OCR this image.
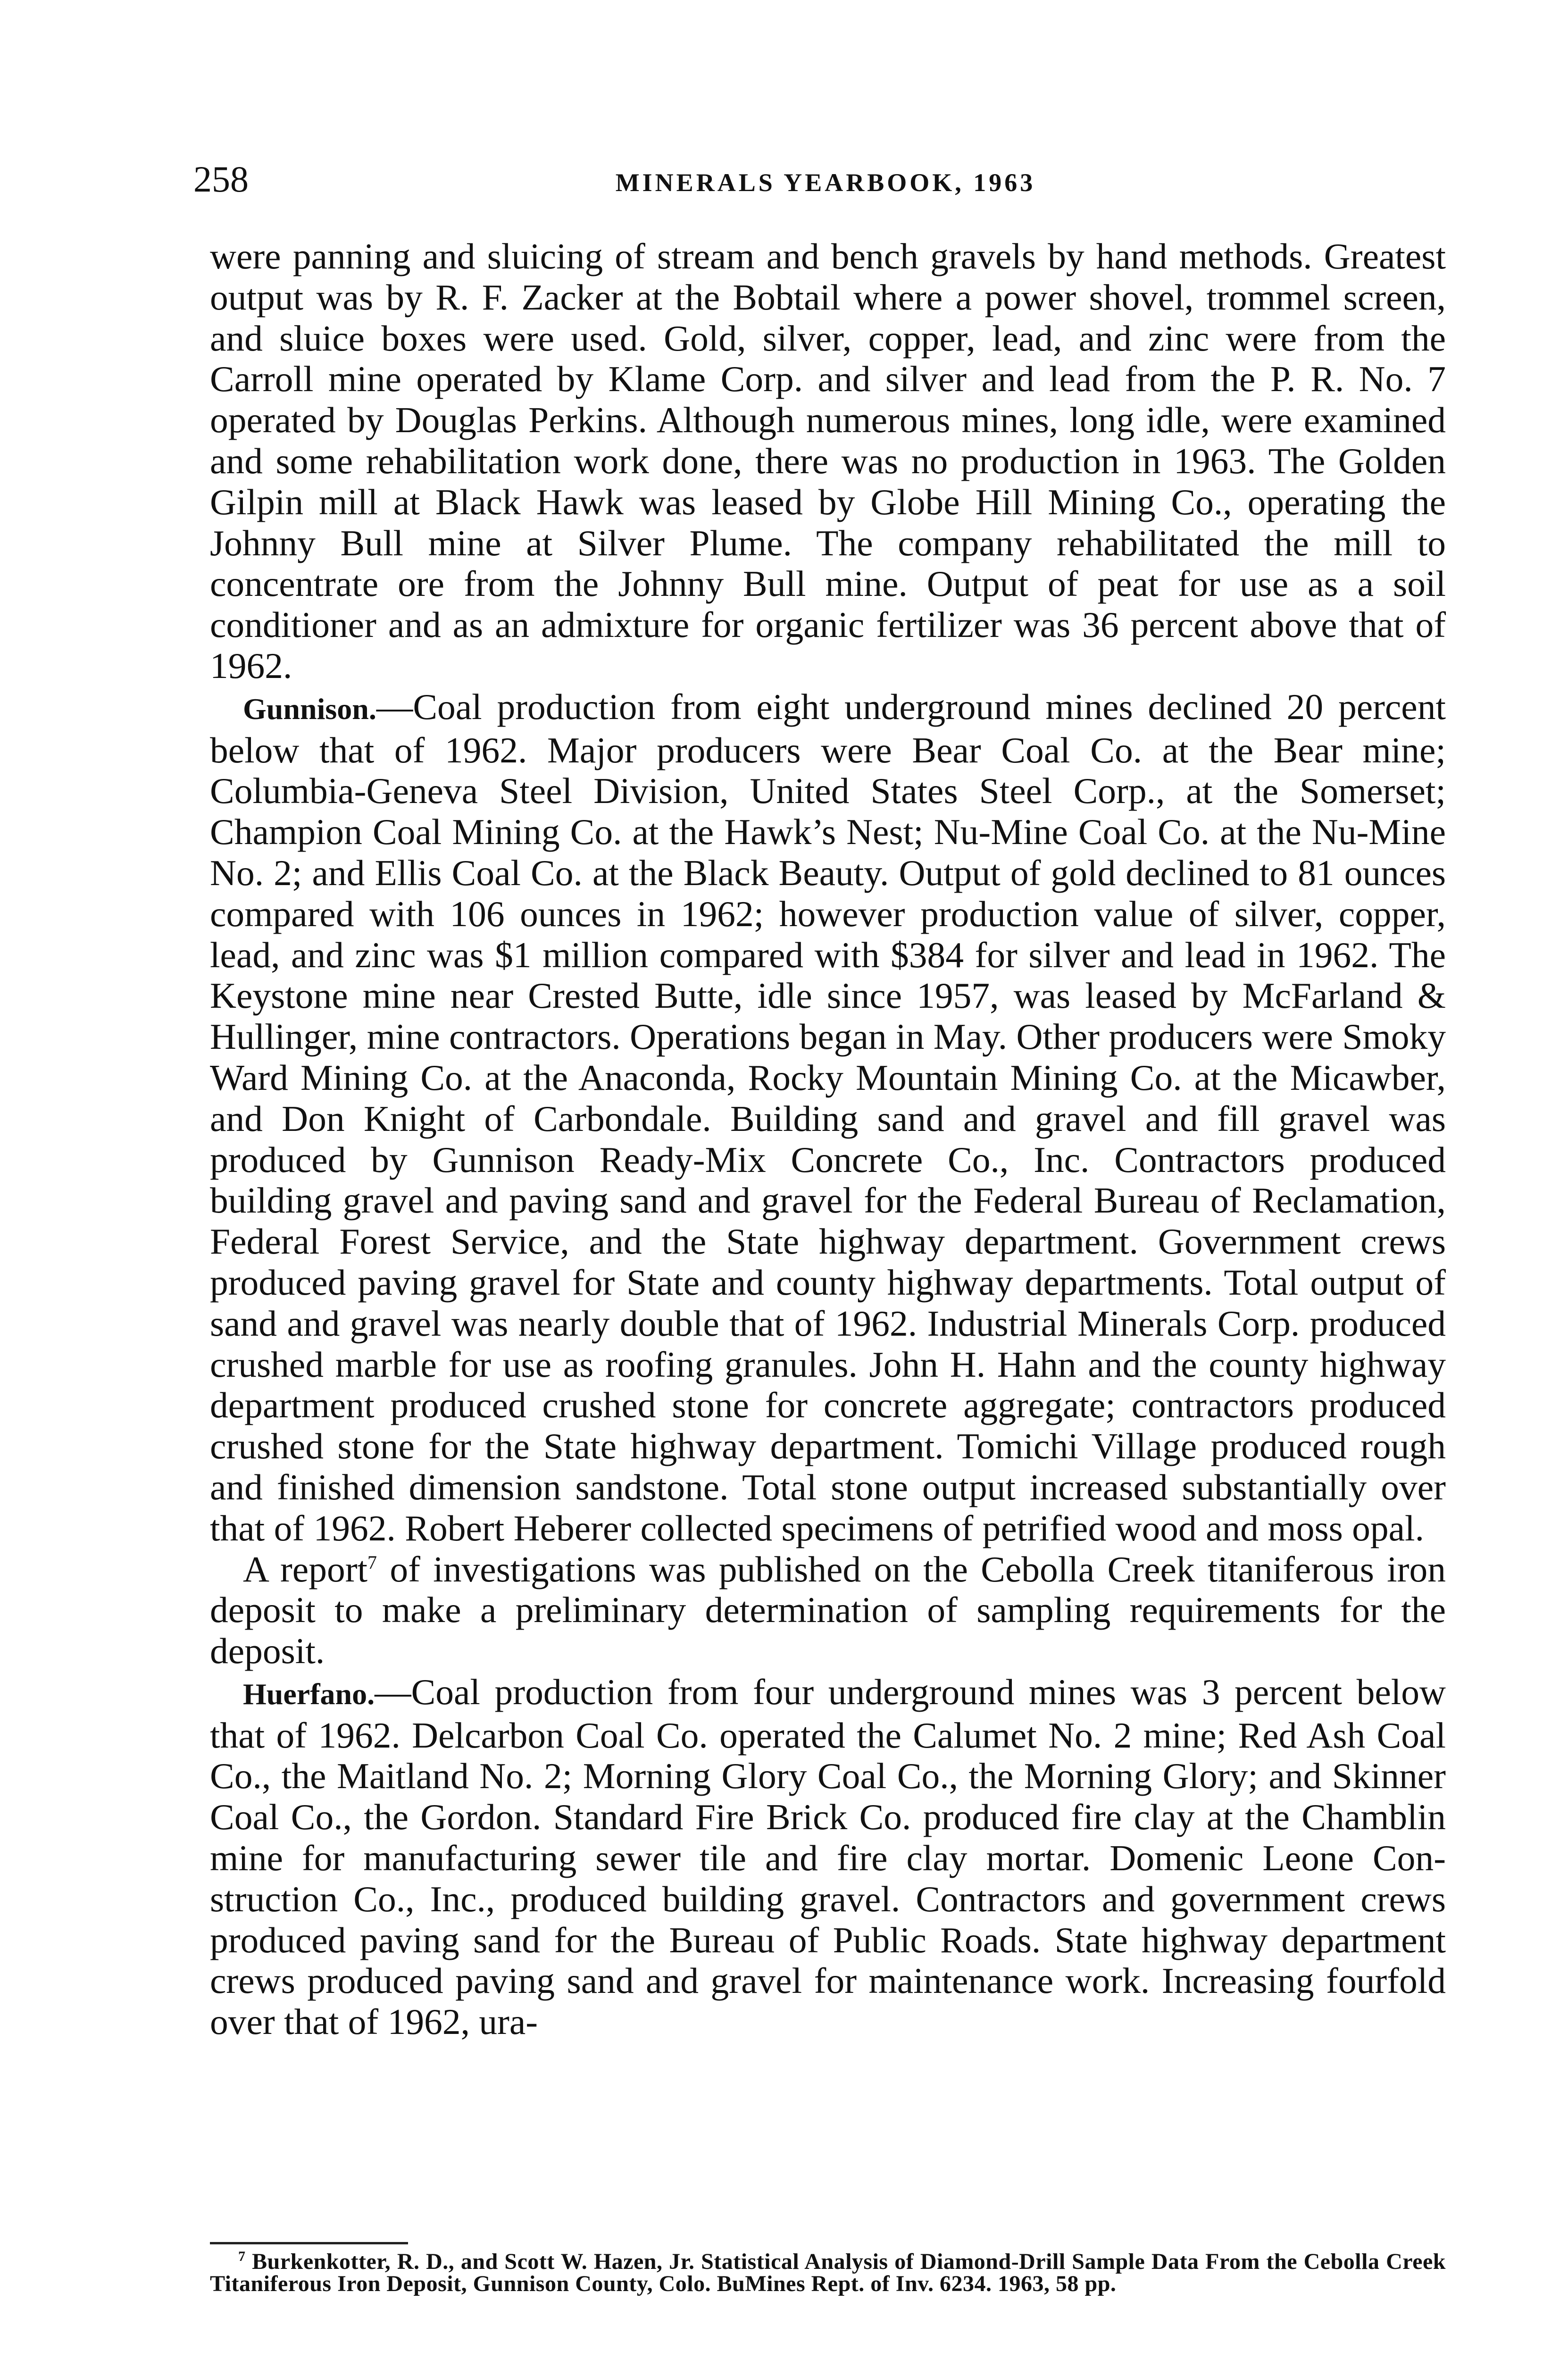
258	MINERALS YEARBOOK, 1963

were panning and sluicing of stream and bench gravels by hand methods. Greatest output was by R. F. Zacker at the Bobtail where a power shovel, trommel screen, and sluice boxes were used. Gold, silver, copper, lead, and zinc were from the Carroll mine operated by Klame Corp. and silver and lead from the P. R. No. 7 operated by Douglas Perkins. Although numerous mines, long idle, were examined and some rehabilitation work done, there was no production in 1963. The Golden Gilpin mill at Black Hawk was leased by Globe Hill Mining Co., operating the Johnny Bull mine at Silver Plume. The company rehabilitated the mill to concentrate ore from the Johnny Bull mine. Output of peat for use as a soil conditioner and as an admixture for organic fertilizer was 36 percent above that of 1962.

Gunnison.—Coal production from eight underground mines declined 20 percent below that of 1962. Major producers were Bear Coal Co. at the Bear mine; Columbia-Geneva Steel Division, United States Steel Corp., at the Somerset; Champion Coal Mining Co. at the Hawk’s Nest; Nu-Mine Coal Co. at the Nu-Mine No. 2; and Ellis Coal Co. at the Black Beauty. Output of gold declined to 81 ounces compared with 106 ounces in 1962; however production value of silver, copper, lead, and zinc was $1 million compared with $384 for silver and lead in 1962. The Keystone mine near Crested Butte, idle since 1957, was leased by McFarland & Hullinger, mine contractors. Operations began in May. Other producers were Smoky Ward Mining Co. at the Anaconda, Rocky Mountain Mining Co. at the Micawber, and Don Knight of Carbondale. Building sand and gravel and fill gravel was produced by Gunnison Ready-Mix Concrete Co., Inc. Contractors produced building gravel and paving sand and gravel for the Federal Bureau of Reclamation, Federal Forest Service, and the State highway department. Government crews produced paving gravel for State and county highway departments. Total output of sand and gravel was nearly double that of 1962. Industrial Minerals Corp. produced crushed marble for use as roofing granules. John H. Hahn and the county highway department produced crushed stone for concrete aggregate; contractors produced crushed stone for the State highway department. Tomichi Village produced rough and finished dimension sandstone. Total stone output increased substantially over that of 1962. Robert Heberer collected specimens of petrified wood and moss opal.

A report$^7$ of investigations was published on the Cebolla Creek titaniferous iron deposit to make a preliminary determination of sampling requirements for the deposit.

Huerfano.—Coal production from four underground mines was 3 percent below that of 1962. Delcarbon Coal Co. operated the Calumet No. 2 mine; Red Ash Coal Co., the Maitland No. 2; Morning Glory Coal Co., the Morning Glory; and Skinner Coal Co., the Gordon. Standard Fire Brick Co. produced fire clay at the Chamblin mine for manufacturing sewer tile and fire clay mortar. Domenic Leone Construction Co., Inc., produced building gravel. Contractors and government crews produced paving sand for the Bureau of Public Roads. State highway department crews produced paving sand and gravel for maintenance work. Increasing fourfold over that of 1962, ura-

$^7$ Burkenkotter, R. D., and Scott W. Hazen, Jr. Statistical Analysis of Diamond-Drill Sample Data From the Cebolla Creek Titaniferous Iron Deposit, Gunnison County, Colo. BuMines Rept. of Inv. 6234. 1963, 58 pp.
